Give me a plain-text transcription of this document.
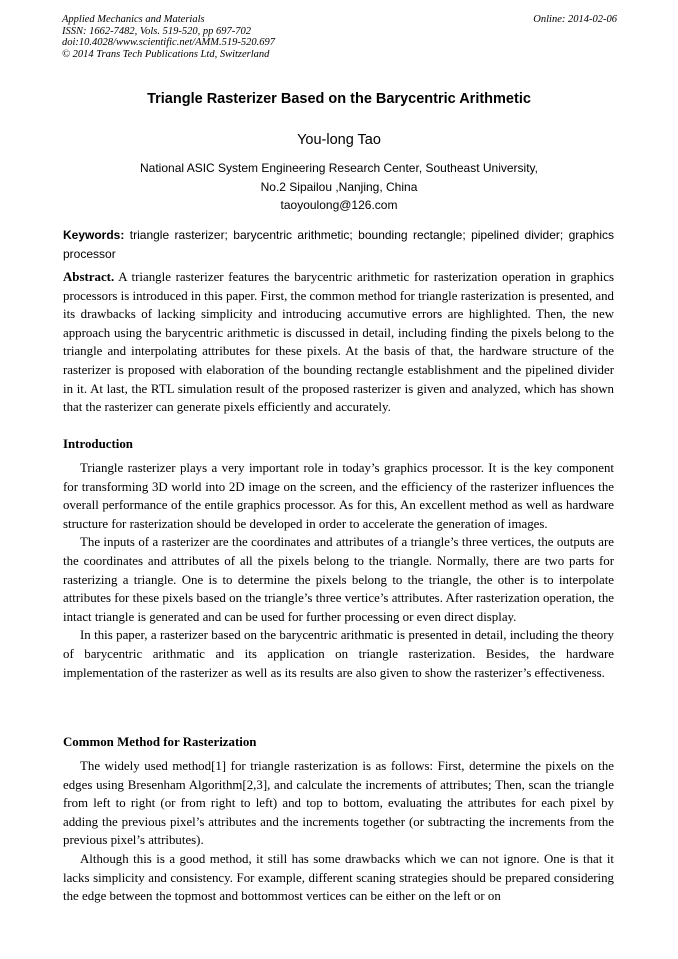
Applied Mechanics and Materials
ISSN: 1662-7482, Vols. 519-520, pp 697-702
doi:10.4028/www.scientific.net/AMM.519-520.697
© 2014 Trans Tech Publications Ltd, Switzerland
Online: 2014-02-06
Triangle Rasterizer Based on the Barycentric Arithmetic
You-long Tao
National ASIC System Engineering Research Center, Southeast University,
No.2 Sipailou ,Nanjing, China
taoyoulong@126.com
Keywords: triangle rasterizer; barycentric arithmetic; bounding rectangle; pipelined divider; graphics processor

Abstract. A triangle rasterizer features the barycentric arithmetic for rasterization operation in graphics processors is introduced in this paper. First, the common method for triangle rasterization is presented, and its drawbacks of lacking simplicity and introducing accumutive errors are highlighted. Then, the new approach using the barycentric arithmetic is discussed in detail, including finding the pixels belong to the triangle and interpolating attributes for these pixels. At the basis of that, the hardware structure of the rasterizer is proposed with elaboration of the bounding rectangle establishment and the pipelined divider in it. At last, the RTL simulation result of the proposed rasterizer is given and analyzed, which has shown that the rasterizer can generate pixels efficiently and accurately.

Introduction

Triangle rasterizer plays a very important role in today’s graphics processor. It is the key component for transforming 3D world into 2D image on the screen, and the efficiency of the rasterizer influences the overall performance of the entile graphics processor. As for this, An excellent method as well as hardware structure for rasterization should be developed in order to accelerate the generation of images.

The inputs of a rasterizer are the coordinates and attributes of a triangle’s three vertices, the outputs are the coordinates and attributes of all the pixels belong to the triangle. Normally, there are two parts for rasterizing a triangle. One is to determine the pixels belong to the triangle, the other is to interpolate attributes for these pixels based on the triangle’s three vertice’s attributes. After rasterization operation, the intact triangle is generated and can be used for further processing or even direct display.

In this paper, a rasterizer based on the barycentric arithmatic is presented in detail, including the theory of barycentric arithmatic and its application on triangle rasterization. Besides, the hardware implementation of the rasterizer as well as its results are also given to show the rasterizer’s effectiveness.

Common Method for Rasterization

The widely used method[1] for triangle rasterization is as follows: First, determine the pixels on the edges using Bresenham Algorithm[2,3], and calculate the increments of attributes; Then, scan the triangle from left to right (or from right to left) and top to bottom, evaluating the attributes for each pixel by adding the previous pixel’s attributes and the increments together (or subtracting the increments from the previous pixel’s attributes).

Although this is a good method, it still has some drawbacks which we can not ignore. One is that it lacks simplicity and consistency. For example, different scaning strategies should be prepared considering the edge between the topmost and bottommost vertices can be either on the left or on
